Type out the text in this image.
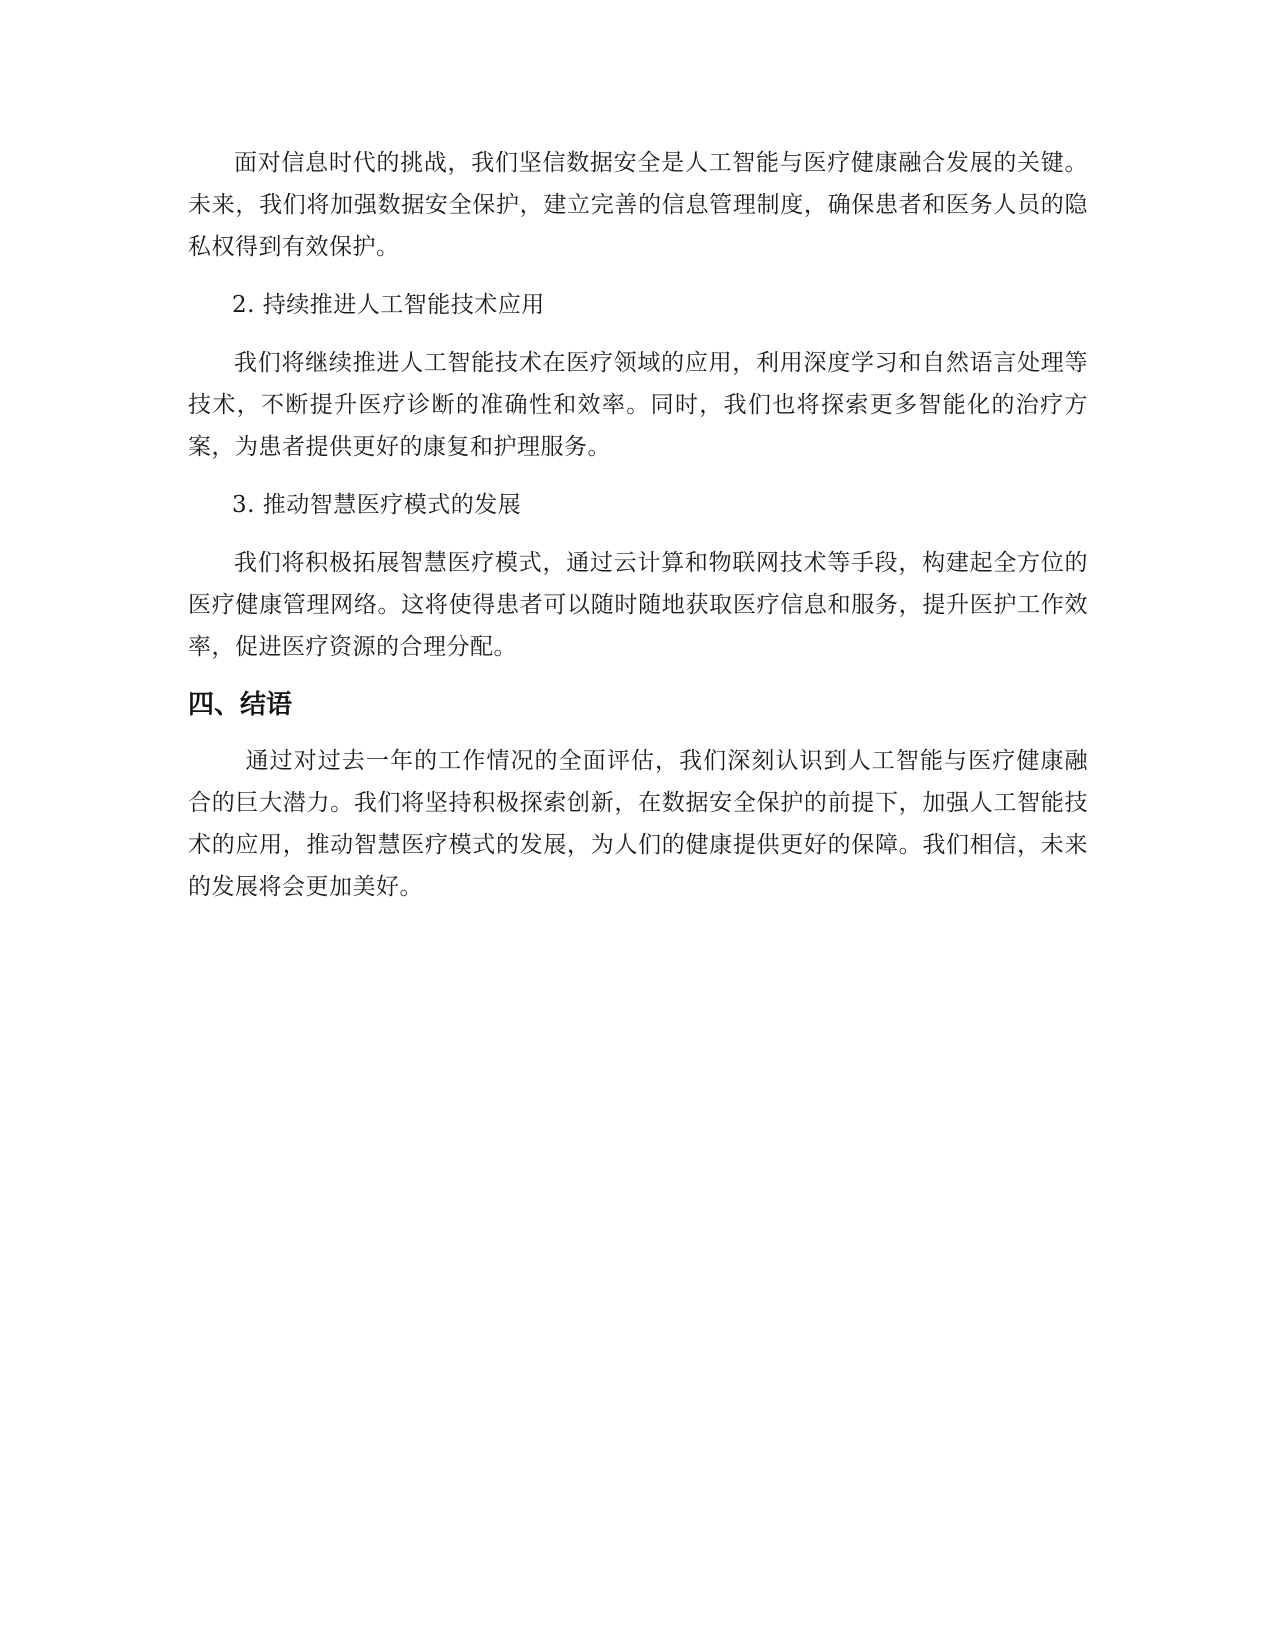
面对信息时代的挑战，我们坚信数据安全是人工智能与医疗健康融合发展的关键。未来，我们将加强数据安全保护，建立完善的信息管理制度，确保患者和医务人员的隐私权得到有效保护。

2. 持续推进人工智能技术应用

我们将继续推进人工智能技术在医疗领域的应用，利用深度学习和自然语言处理等技术，不断提升医疗诊断的准确性和效率。同时，我们也将探索更多智能化的治疗方案，为患者提供更好的康复和护理服务。

3. 推动智慧医疗模式的发展

我们将积极拓展智慧医疗模式，通过云计算和物联网技术等手段，构建起全方位的医疗健康管理网络。这将使得患者可以随时随地获取医疗信息和服务，提升医护工作效率，促进医疗资源的合理分配。

四、结语

通过对过去一年的工作情况的全面评估，我们深刻认识到人工智能与医疗健康融合的巨大潜力。我们将坚持积极探索创新，在数据安全保护的前提下，加强人工智能技术的应用，推动智慧医疗模式的发展，为人们的健康提供更好的保障。我们相信，未来的发展将会更加美好。
